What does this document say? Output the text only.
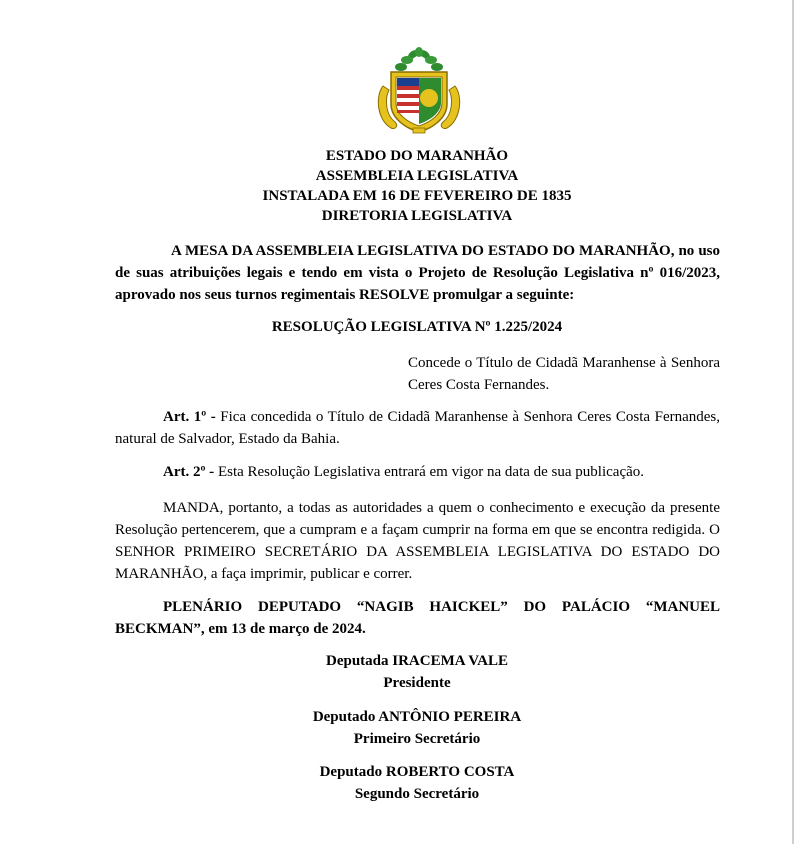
ESTADO DO MARANHÃO
ASSEMBLEIA LEGISLATIVA
INSTALADA EM 16 DE FEVEREIRO DE 1835
DIRETORIA LEGISLATIVA

A MESA DA ASSEMBLEIA LEGISLATIVA DO ESTADO DO MARANHÃO, no uso de suas atribuições legais e tendo em vista o Projeto de Resolução Legislativa nº 016/2023, aprovado nos seus turnos regimentais RESOLVE promulgar a seguinte:

RESOLUÇÃO LEGISLATIVA Nº 1.225/2024
Concede o Título de Cidadã Maranhense à Senhora Ceres Costa Fernandes.

Art. 1º - Fica concedida o Título de Cidadã Maranhense à Senhora Ceres Costa Fernandes, natural de Salvador, Estado da Bahia.

Art. 2º - Esta Resolução Legislativa entrará em vigor na data de sua publicação.

MANDA, portanto, a todas as autoridades a quem o conhecimento e execução da presente Resolução pertencerem, que a cumpram e a façam cumprir na forma em que se encontra redigida. O SENHOR PRIMEIRO SECRETÁRIO DA ASSEMBLEIA LEGISLATIVA DO ESTADO DO MARANHÃO, a faça imprimir, publicar e correr.

PLENÁRIO DEPUTADO “NAGIB HAICKEL” DO PALÁCIO “MANUEL BECKMAN”, em 13 de março de 2024.

Deputada IRACEMA VALE
Presidente
Deputado ANTÔNIO PEREIRA
Primeiro Secretário
Deputado ROBERTO COSTA
Segundo Secretário
